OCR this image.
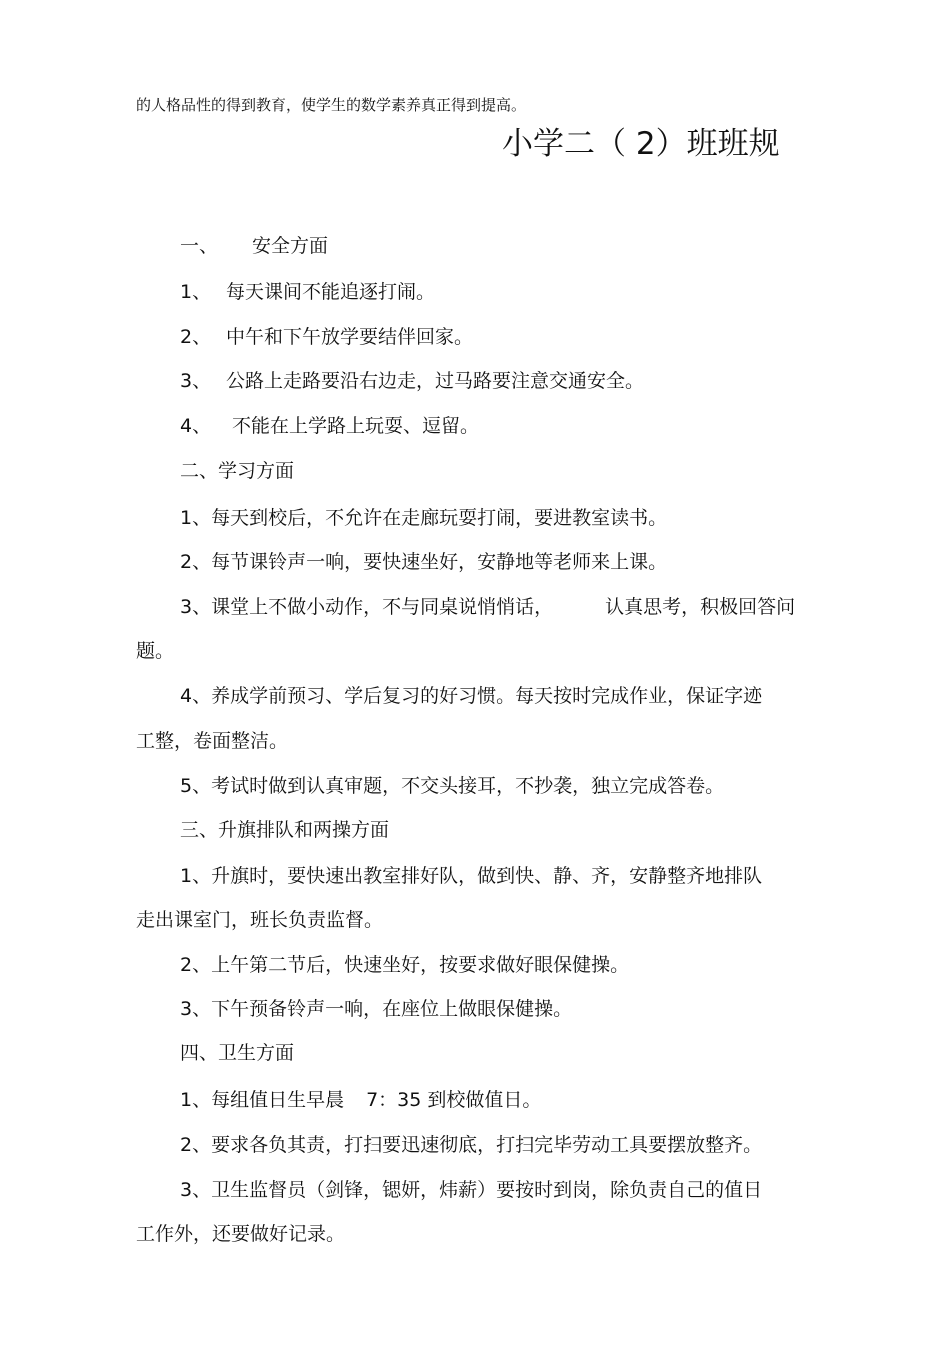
的人格品性的得到教育，使学生的数学素养真正得到提高。
小学二（ 2）班班规
一、 安全方面
1、 每天课间不能追逐打闹。
2、 中午和下午放学要结伴回家。
3、 公路上走路要沿右边走，过马路要注意交通安全。
4、 不能在上学路上玩耍、逗留。
二、学习方面
1、每天到校后，不允许在走廊玩耍打闹，要进教室读书。
2、每节课铃声一响，要快速坐好，安静地等老师来上课。
3、课堂上不做小动作，不与同桌说悄悄话，	认真思考，积极回答问
题。
4、养成学前预习、学后复习的好习惯。每天按时完成作业，保证字迹
工整，卷面整洁。
5、考试时做到认真审题，不交头接耳，不抄袭，独立完成答卷。
三、升旗排队和两操方面
1、升旗时，要快速出教室排好队，做到快、静、齐，安静整齐地排队
走出课室门，班长负责监督。
2、上午第二节后，快速坐好，按要求做好眼保健操。
3、下午预备铃声一响，在座位上做眼保健操。
四、卫生方面
1、每组值日生早晨 7：35 到校做值日。
2、要求各负其责，打扫要迅速彻底，打扫完毕劳动工具要摆放整齐。
3、卫生监督员（剑锋，锶妍，炜薪）要按时到岗，除负责自己的值日
工作外，还要做好记录。
